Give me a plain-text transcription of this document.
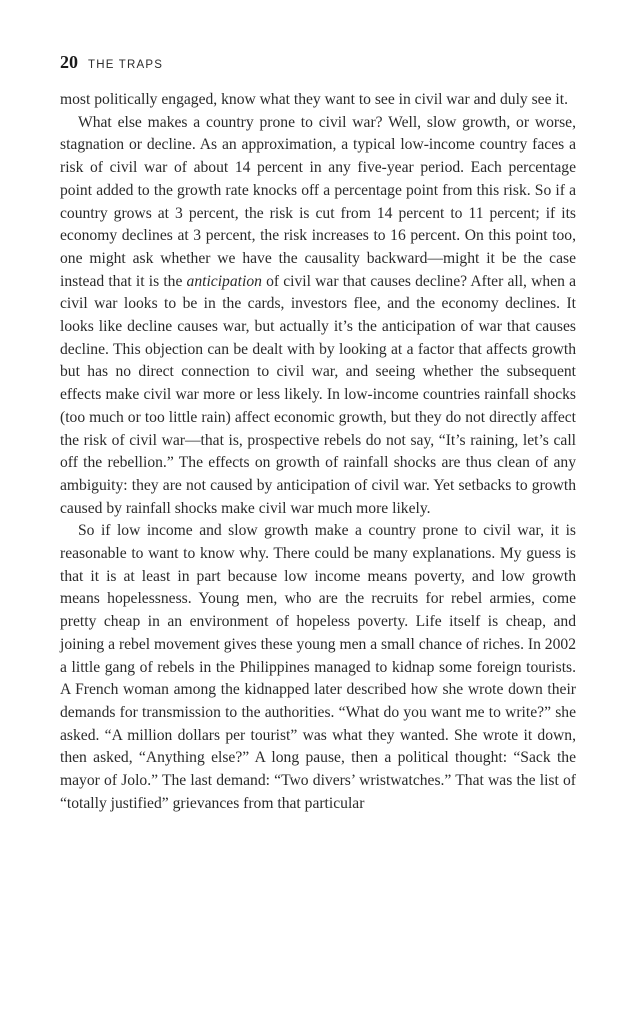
20 THE TRAPS

most politically engaged, know what they want to see in civil war and duly see it.

What else makes a country prone to civil war? Well, slow growth, or worse, stagnation or decline. As an approximation, a typical low-income country faces a risk of civil war of about 14 percent in any five-year period. Each percentage point added to the growth rate knocks off a percentage point from this risk. So if a country grows at 3 percent, the risk is cut from 14 percent to 11 percent; if its economy declines at 3 percent, the risk increases to 16 percent. On this point too, one might ask whether we have the causality backward—might it be the case instead that it is the anticipation of civil war that causes decline? After all, when a civil war looks to be in the cards, investors flee, and the economy declines. It looks like decline causes war, but actually it’s the anticipation of war that causes decline. This objection can be dealt with by looking at a factor that affects growth but has no direct connection to civil war, and seeing whether the subsequent effects make civil war more or less likely. In low-income countries rainfall shocks (too much or too little rain) affect economic growth, but they do not directly affect the risk of civil war—that is, prospective rebels do not say, “It’s raining, let’s call off the rebellion.” The effects on growth of rainfall shocks are thus clean of any ambiguity: they are not caused by anticipation of civil war. Yet setbacks to growth caused by rainfall shocks make civil war much more likely.

So if low income and slow growth make a country prone to civil war, it is reasonable to want to know why. There could be many explanations. My guess is that it is at least in part because low income means poverty, and low growth means hopelessness. Young men, who are the recruits for rebel armies, come pretty cheap in an environment of hopeless poverty. Life itself is cheap, and joining a rebel movement gives these young men a small chance of riches. In 2002 a little gang of rebels in the Philippines managed to kidnap some foreign tourists. A French woman among the kidnapped later described how she wrote down their demands for transmission to the authorities. “What do you want me to write?” she asked. “A million dollars per tourist” was what they wanted. She wrote it down, then asked, “Anything else?” A long pause, then a political thought: “Sack the mayor of Jolo.” The last demand: “Two divers’ wristwatches.” That was the list of “totally justified” grievances from that particular
